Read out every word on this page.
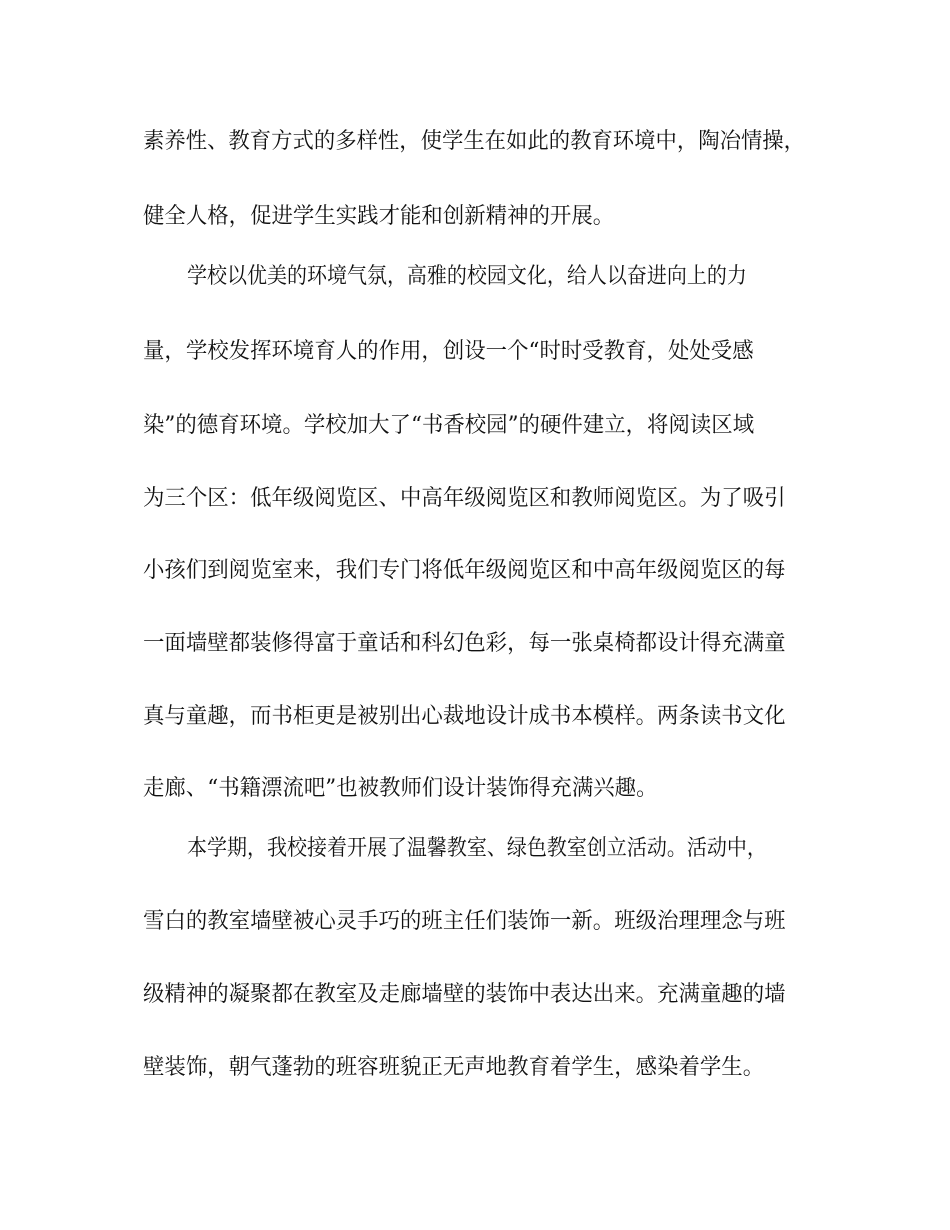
素养性、教育方式的多样性，使学生在如此的教育环境中，陶冶情操，
健全人格，促进学生实践才能和创新精神的开展。
学校以优美的环境气氛，高雅的校园文化，给人以奋进向上的力
量，学校发挥环境育人的作用，创设一个“时时受教育，处处受感
染”的德育环境。学校加大了“书香校园”的硬件建立，将阅读区域
为三个区：低年级阅览区、中高年级阅览区和教师阅览区。为了吸引
小孩们到阅览室来，我们专门将低年级阅览区和中高年级阅览区的每
一面墙壁都装修得富于童话和科幻色彩，每一张桌椅都设计得充满童
真与童趣，而书柜更是被别出心裁地设计成书本模样。两条读书文化
走廊、“书籍漂流吧”也被教师们设计装饰得充满兴趣。
本学期，我校接着开展了温馨教室、绿色教室创立活动。活动中，
雪白的教室墙壁被心灵手巧的班主任们装饰一新。班级治理理念与班
级精神的凝聚都在教室及走廊墙壁的装饰中表达出来。充满童趣的墙
壁装饰，朝气蓬勃的班容班貌正无声地教育着学生，感染着学生。
